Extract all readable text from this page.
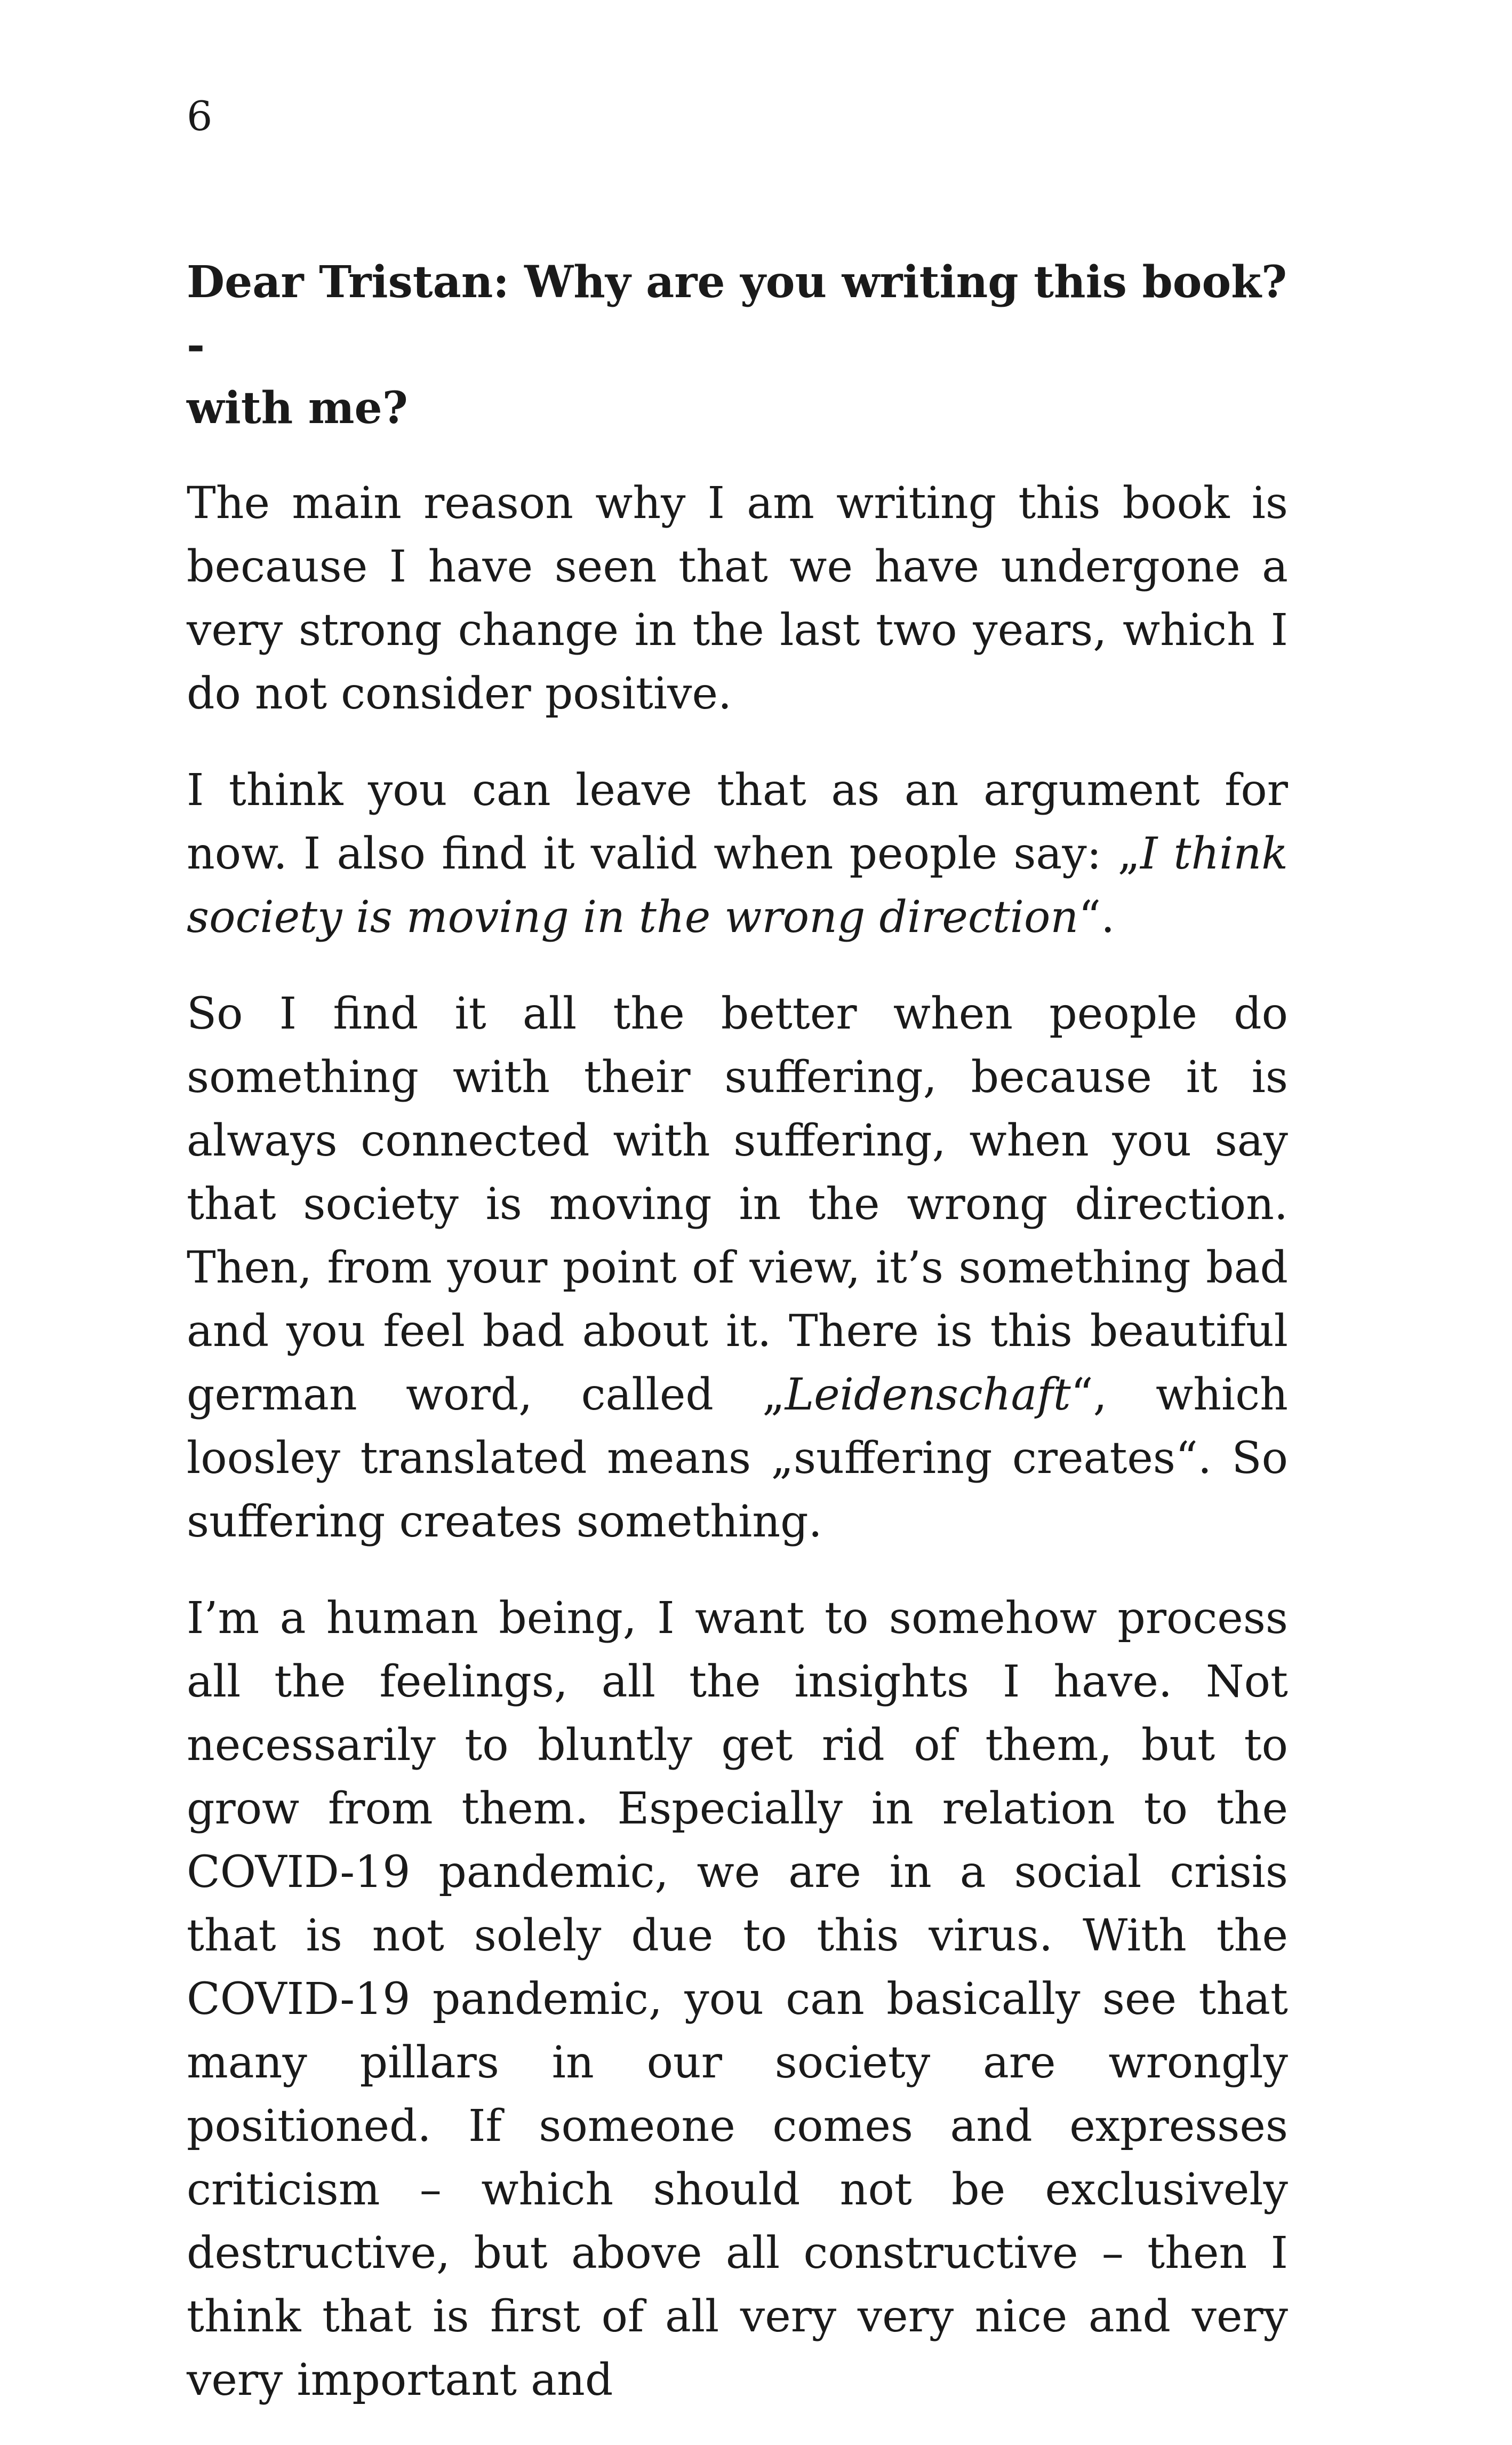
6

Dear Tristan: Why are you writing this book? -
with me?

The main reason why I am writing this book is because I have seen that we have undergone a very strong change in the last two years, which I do not consider positive.

I think you can leave that as an argument for now. I also find it valid when people say: „I think society is moving in the wrong direction“.

So I find it all the better when people do something with their suffering, because it is always connected with suffering, when you say that society is moving in the wrong direction. Then, from your point of view, it’s something bad and you feel bad about it. There is this beautiful german word, called „Leidenschaft“, which loosley translated means „suffering creates“. So suffering creates something.

I’m a human being, I want to somehow process all the feelings, all the insights I have. Not necessarily to bluntly get rid of them, but to grow from them. Especially in relation to the COVID-19 pandemic, we are in a social crisis that is not solely due to this virus. With the COVID-19 pandemic, you can basically see that many pillars in our society are wrongly positioned. If someone comes and expresses criticism – which should not be exclusively destructive, but above all constructive – then I think that is first of all very very nice and very very important and
